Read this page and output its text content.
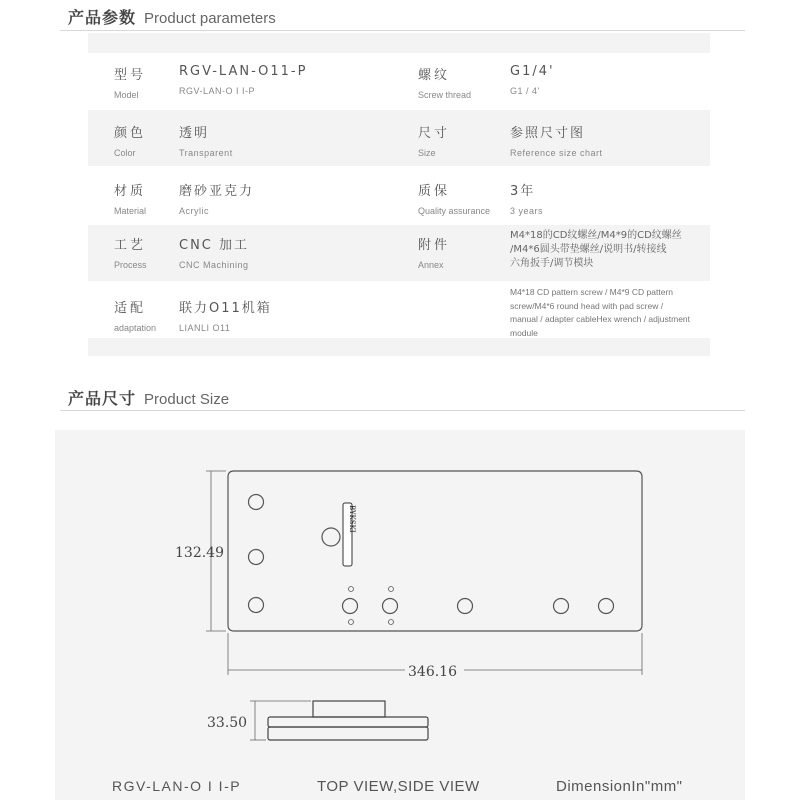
产品参数 Product parameters
型号
Model
RGV-LAN-O11-P
RGV-LAN-O I I-P
螺纹
Screw thread
G1/4'
G1 / 4'
颜色
Color
透明
Transparent
尺寸
Size
参照尺寸图
Reference size chart
材质
Material
磨砂亚克力
Acrylic
质保
Quality assurance
3年
3 years
工艺
Process
CNC 加工
CNC Machining
附件
Annex
M4*18的CD纹螺丝/M4*9的CD纹螺丝
/M4*6圆头带垫螺丝/说明书/转接线
六角扳手/调节模块
适配
adaptation
联力O11机箱
LIANLI O11
M4*18 CD pattern screw / M4*9 CD pattern
screw/M4*6 round head with pad screw /
manual / adapter cableHex wrench / adjustment
module
产品尺寸 Product Size
132.49
346.16
BYKSKI
33.50
RGV-LAN-O I I-P	TOP VIEW,SIDE VIEW	DimensionIn"mm"
